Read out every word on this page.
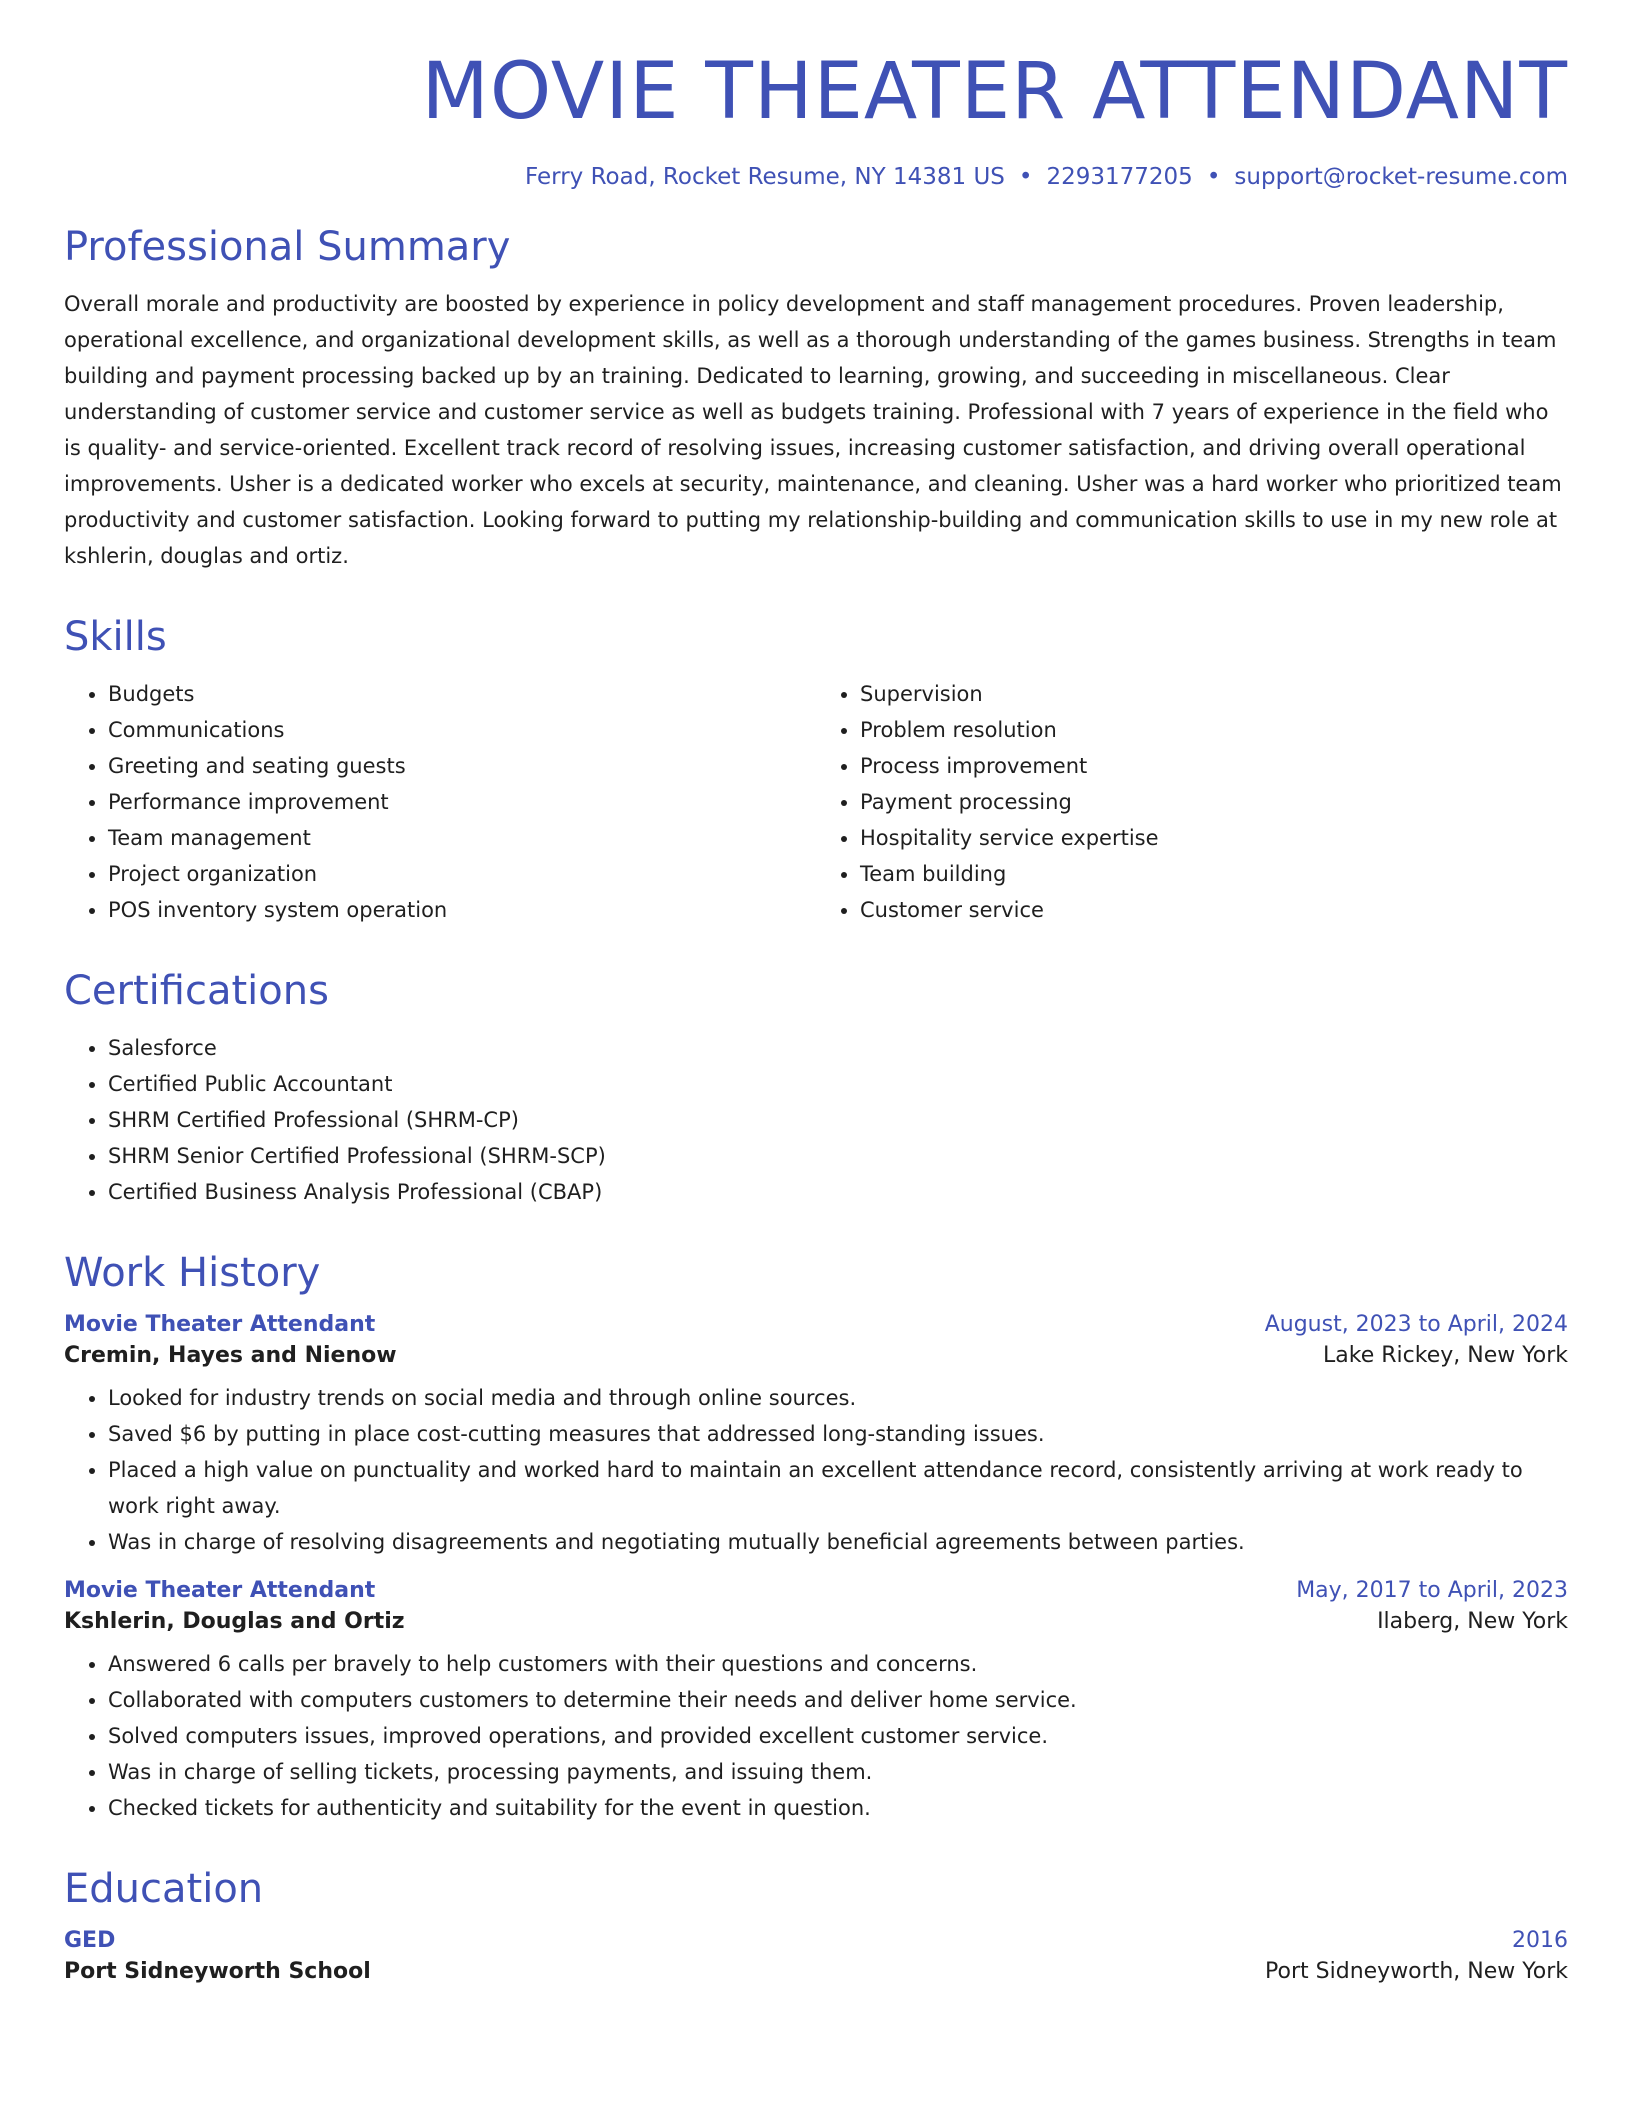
MOVIE THEATER ATTENDANT
Ferry Road, Rocket Resume, NY 14381 US • 2293177205 • support@rocket-resume.com
Professional Summary

Overall morale and productivity are boosted by experience in policy development and staff management procedures. Proven leadership, operational excellence, and organizational development skills, as well as a thorough understanding of the games business. Strengths in team building and payment processing backed up by an training. Dedicated to learning, growing, and succeeding in miscellaneous. Clear understanding of customer service and customer service as well as budgets training. Professional with 7 years of experience in the field who is quality- and service-oriented. Excellent track record of resolving issues, increasing customer satisfaction, and driving overall operational improvements. Usher is a dedicated worker who excels at security, maintenance, and cleaning. Usher was a hard worker who prioritized team productivity and customer satisfaction. Looking forward to putting my relationship-building and communication skills to use in my new role at kshlerin, douglas and ortiz.

Skills
• Budgets
• Communications
• Greeting and seating guests
• Performance improvement
• Team management
• Project organization
• POS inventory system operation
• Supervision
• Problem resolution
• Process improvement
• Payment processing
• Hospitality service expertise
• Team building
• Customer service
Certifications
• Salesforce
• Certified Public Accountant
• SHRM Certified Professional (SHRM-CP)
• SHRM Senior Certified Professional (SHRM-SCP)
• Certified Business Analysis Professional (CBAP)
Work History
Movie Theater Attendant	August, 2023 to April, 2024
Cremin, Hayes and Nienow	Lake Rickey, New York
• Looked for industry trends on social media and through online sources.
• Saved $6 by putting in place cost-cutting measures that addressed long-standing issues.
• Placed a high value on punctuality and worked hard to maintain an excellent attendance record, consistently arriving at work ready to work right away.
• Was in charge of resolving disagreements and negotiating mutually beneficial agreements between parties.
Movie Theater Attendant	May, 2017 to April, 2023
Kshlerin, Douglas and Ortiz	Ilaberg, New York
• Answered 6 calls per bravely to help customers with their questions and concerns.
• Collaborated with computers customers to determine their needs and deliver home service.
• Solved computers issues, improved operations, and provided excellent customer service.
• Was in charge of selling tickets, processing payments, and issuing them.
• Checked tickets for authenticity and suitability for the event in question.
Education
GED	2016
Port Sidneyworth School	Port Sidneyworth, New York
